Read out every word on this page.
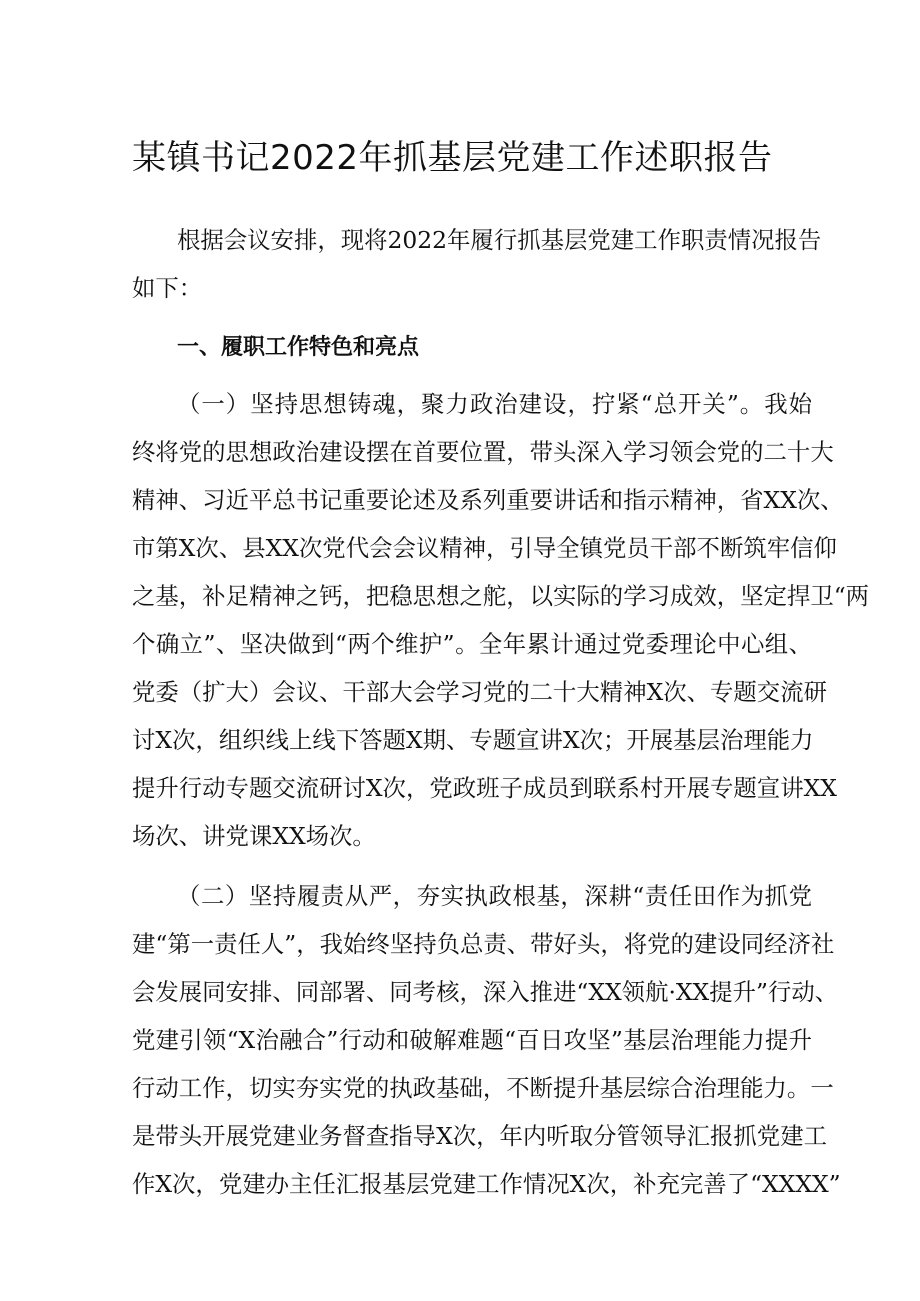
某镇书记2022年抓基层党建工作述职报告
根据会议安排，现将2022年履行抓基层党建工作职责情况报告
如下：
一、履职工作特色和亮点
（一）坚持思想铸魂，聚力政治建设，拧紧“总开关”。我始
终将党的思想政治建设摆在首要位置，带头深入学习领会党的二十大
精神、习近平总书记重要论述及系列重要讲话和指示精神，省XX次、
市第X次、县XX次党代会会议精神，引导全镇党员干部不断筑牢信仰
之基，补足精神之钙，把稳思想之舵，以实际的学习成效，坚定捍卫“两
个确立”、坚决做到“两个维护”。全年累计通过党委理论中心组、
党委（扩大）会议、干部大会学习党的二十大精神X次、专题交流研
讨X次，组织线上线下答题X期、专题宣讲X次；开展基层治理能力
提升行动专题交流研讨X次，党政班子成员到联系村开展专题宣讲XX
场次、讲党课XX场次。
（二）坚持履责从严，夯实执政根基，深耕“责任田作为抓党
建“第一责任人”，我始终坚持负总责、带好头，将党的建设同经济社
会发展同安排、同部署、同考核，深入推进“XX领航·XX提升”行动、
党建引领“X治融合”行动和破解难题“百日攻坚”基层治理能力提升
行动工作，切实夯实党的执政基础，不断提升基层综合治理能力。一
是带头开展党建业务督查指导X次，年内听取分管领导汇报抓党建工
作X次，党建办主任汇报基层党建工作情况X次，补充完善了“XXXX”
